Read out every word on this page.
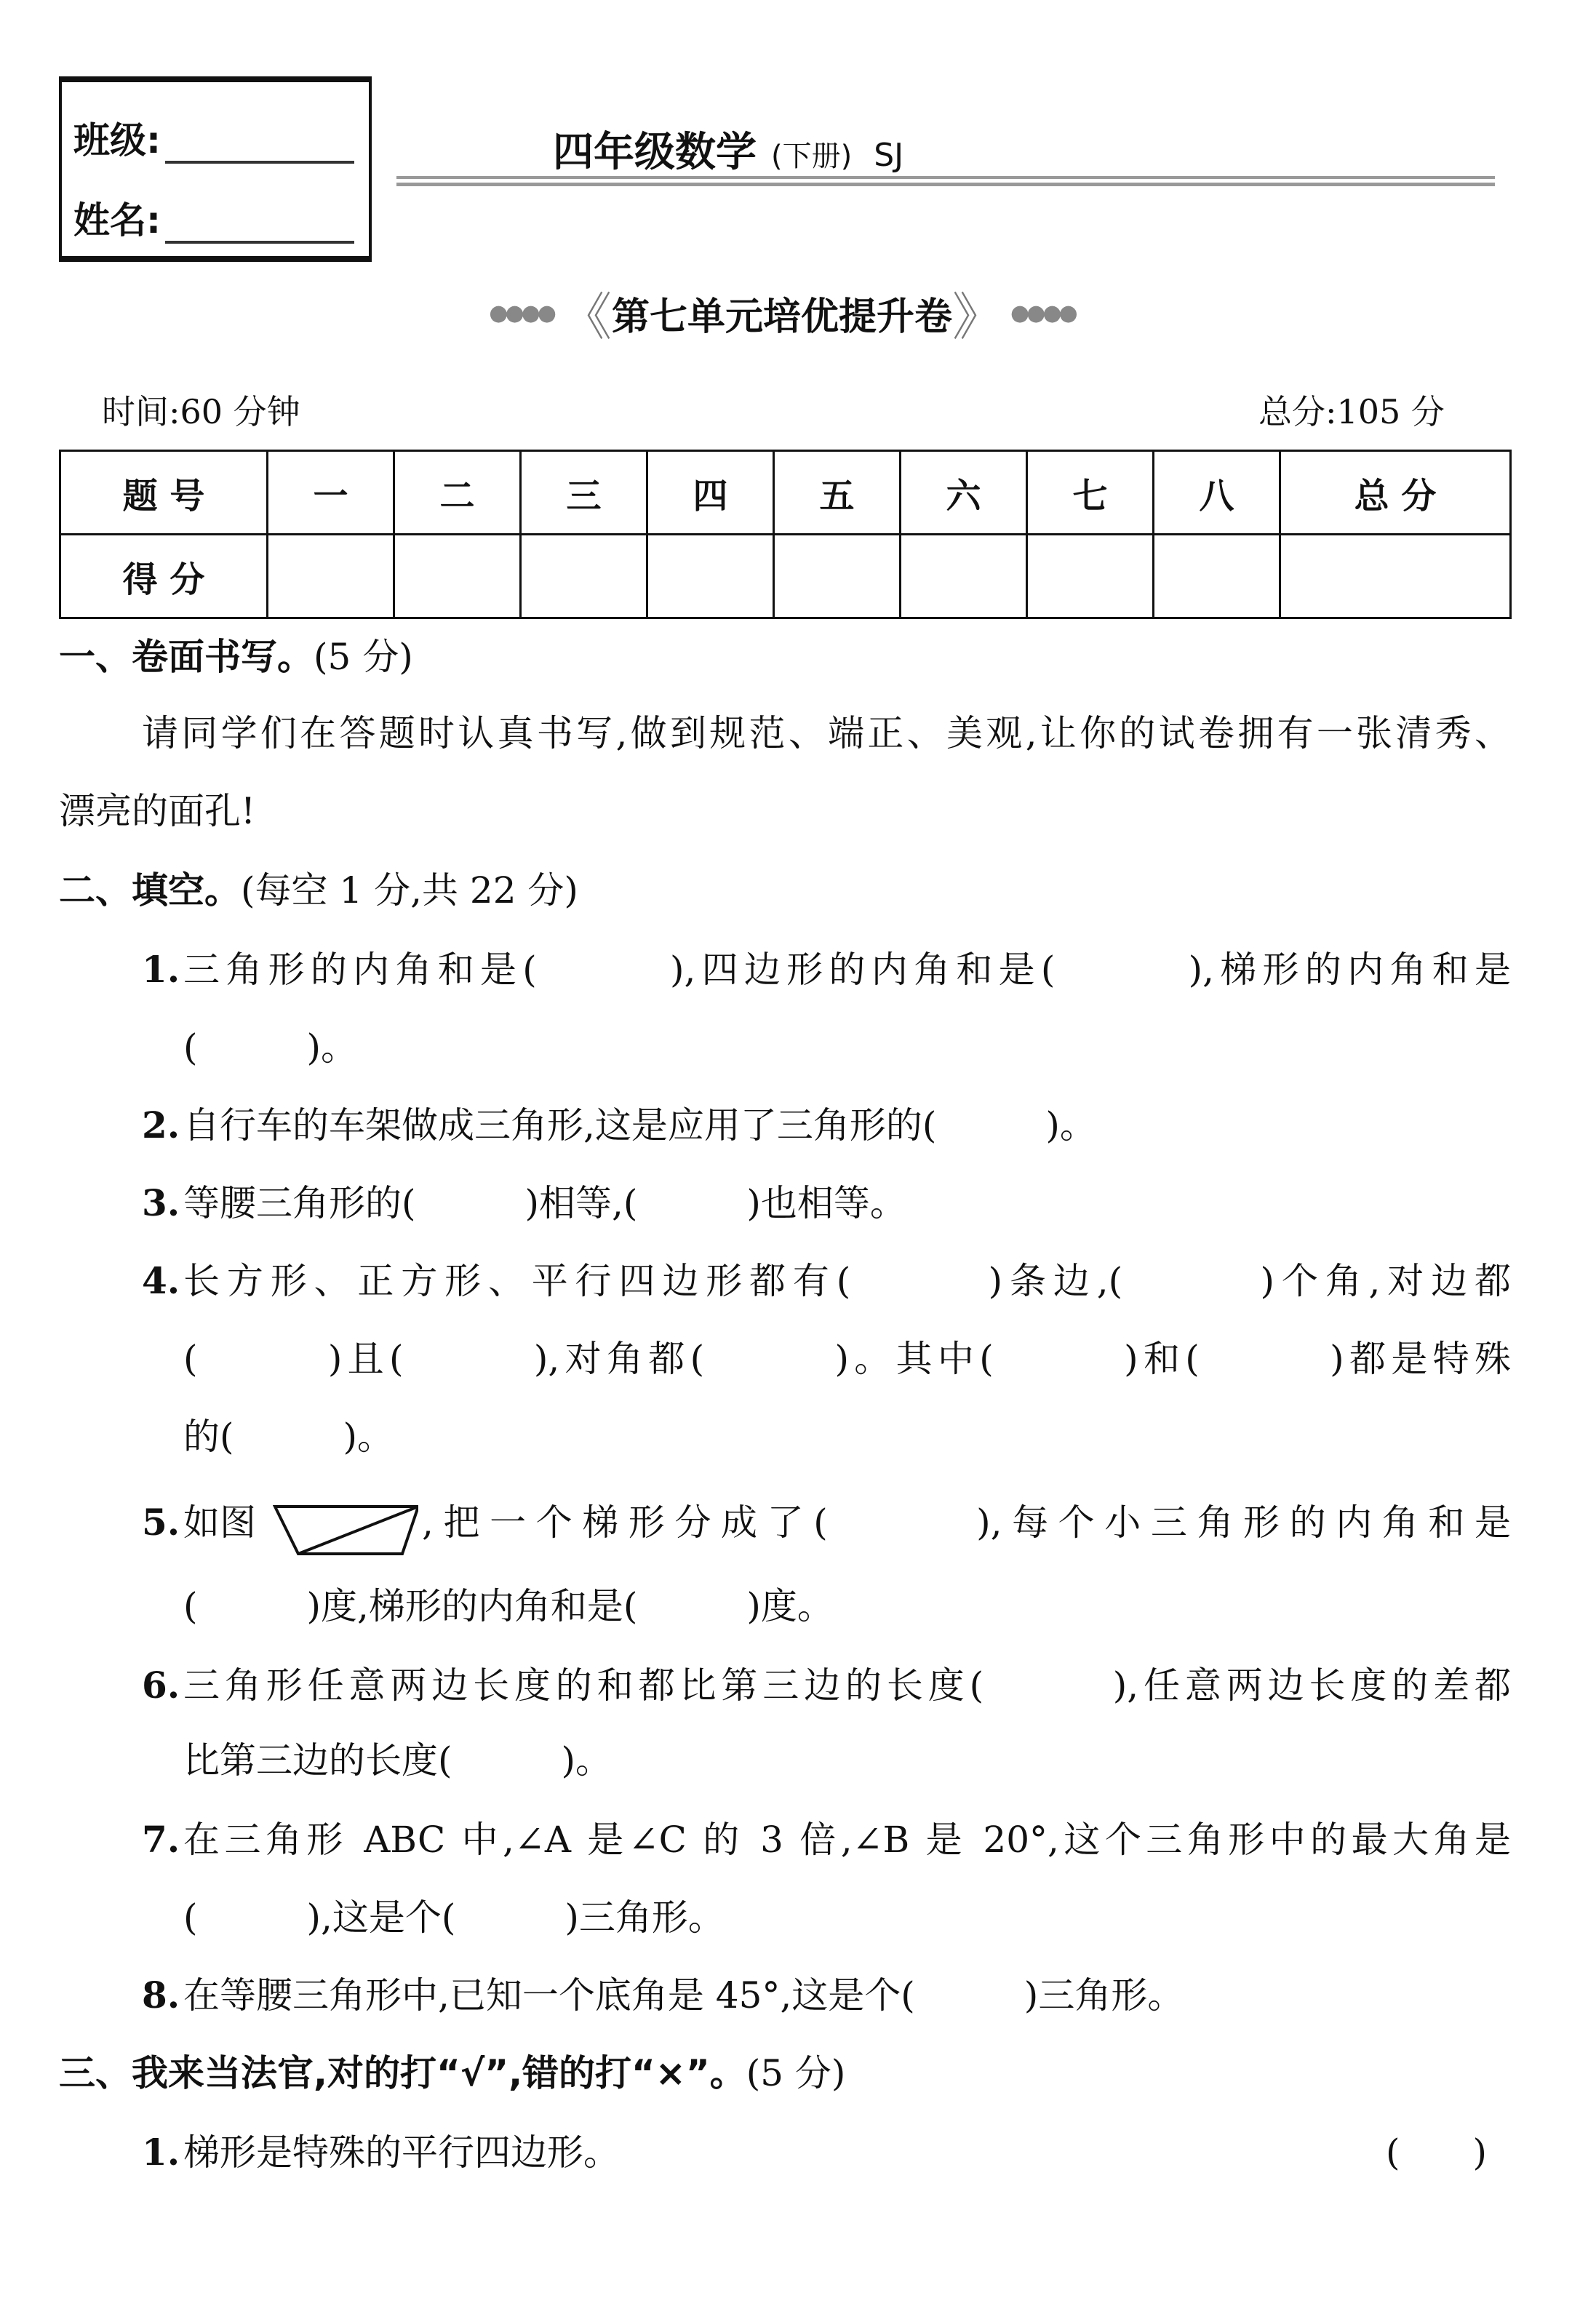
班级:
姓名:
四年级数学 (下册) SJ
●●●● 《 第七单元培优提升卷 》 ●●●●
时间:60 分钟	总分:105 分
题 号	一	二	三	四	五	六	七	八	总 分
得 分									
一、卷面书写。(5 分)
请同学们在答题时认真书写,做到规范、端正、美观,让你的试卷拥有一张清秀、
漂亮的面孔!
二、填空。(每空 1 分,共 22 分)
1. 三角形的内角和是(　　　),四边形的内角和是(　　　),梯形的内角和是
(　　　)。
2. 自行车的车架做成三角形,这是应用了三角形的(　　　)。
3. 等腰三角形的(　　　)相等,(　　　)也相等。
4. 长方形、正方形、平行四边形都有(　　　)条边,(　　　)个角,对边都
(　　　)且(　　　),对角都(　　　)。其中(　　　)和(　　　)都是特殊
的(　　　)。
5. 如图	,把一个梯形分成了(　　　),每个小三角形的内角和是
(　　　)度,梯形的内角和是(　　　)度。
6. 三角形任意两边长度的和都比第三边的长度(　　　),任意两边长度的差都
比第三边的长度(　　　)。
7. 在三角形 ABC 中,∠A 是∠C 的 3 倍,∠B 是 20°,这个三角形中的最大角是
(　　　),这是个(　　　)三角形。
8. 在等腰三角形中,已知一个底角是 45°,这是个(　　　)三角形。
三、我来当法官,对的打“√”,错的打“×”。(5 分)
1. 梯形是特殊的平行四边形。	(　　)
